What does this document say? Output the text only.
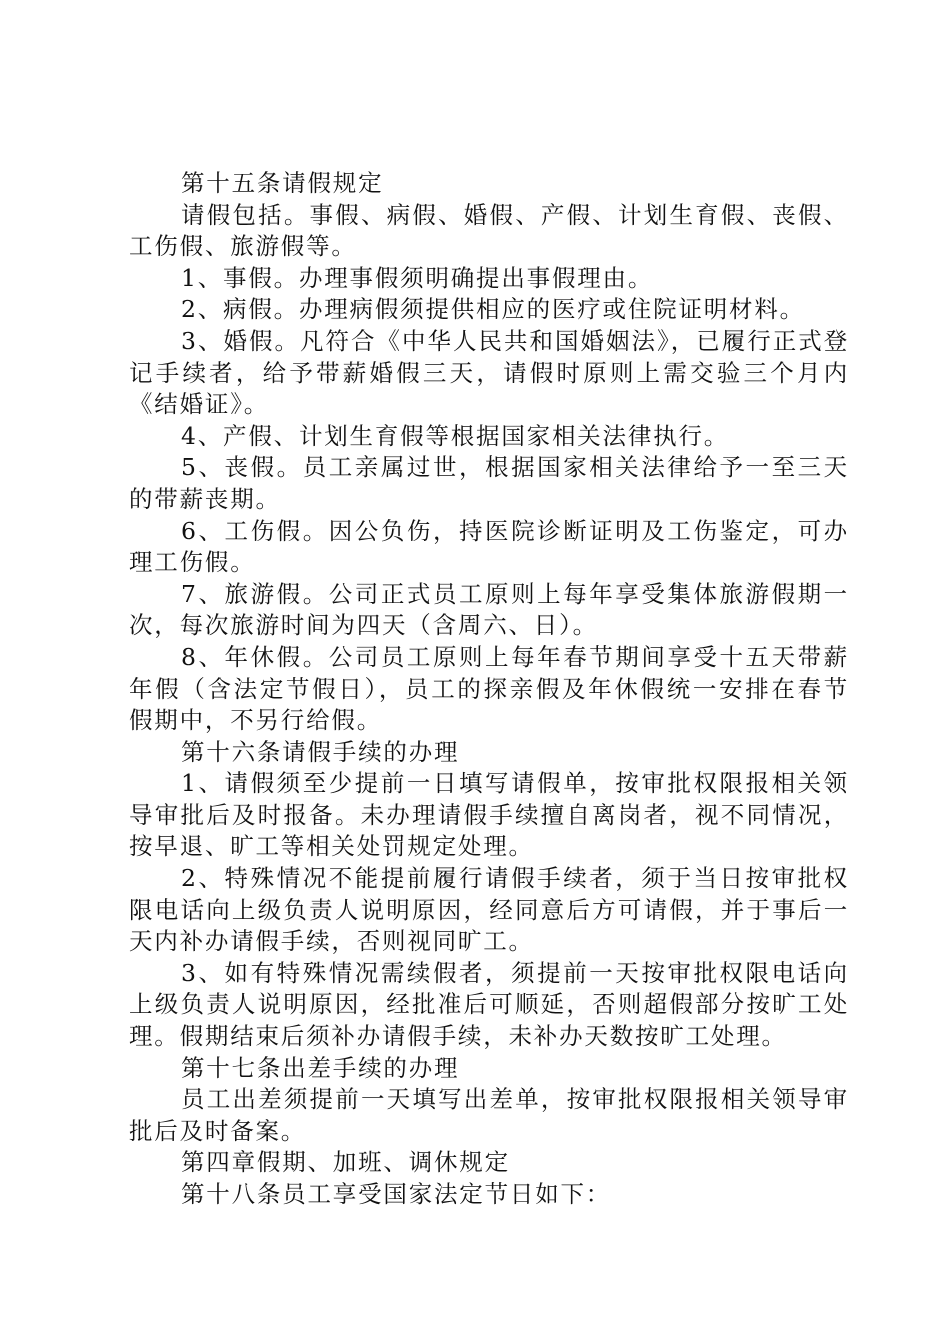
第十五条请假规定

请假包括。事假、病假、婚假、产假、计划生育假、丧假、工伤假、旅游假等。

1、事假。办理事假须明确提出事假理由。

2、病假。办理病假须提供相应的医疗或住院证明材料。

3、婚假。凡符合《中华人民共和国婚姻法》，已履行正式登记手续者，给予带薪婚假三天，请假时原则上需交验三个月内《结婚证》。

4、产假、计划生育假等根据国家相关法律执行。

5、丧假。员工亲属过世，根据国家相关法律给予一至三天的带薪丧期。

6、工伤假。因公负伤，持医院诊断证明及工伤鉴定，可办理工伤假。

7、旅游假。公司正式员工原则上每年享受集体旅游假期一次，每次旅游时间为四天（含周六、日）。

8、年休假。公司员工原则上每年春节期间享受十五天带薪年假（含法定节假日），员工的探亲假及年休假统一安排在春节假期中，不另行给假。

第十六条请假手续的办理

1、请假须至少提前一日填写请假单，按审批权限报相关领导审批后及时报备。未办理请假手续擅自离岗者，视不同情况，按早退、旷工等相关处罚规定处理。

2、特殊情况不能提前履行请假手续者，须于当日按审批权限电话向上级负责人说明原因，经同意后方可请假，并于事后一天内补办请假手续，否则视同旷工。

3、如有特殊情况需续假者，须提前一天按审批权限电话向上级负责人说明原因，经批准后可顺延，否则超假部分按旷工处理。假期结束后须补办请假手续，未补办天数按旷工处理。

第十七条出差手续的办理

员工出差须提前一天填写出差单，按审批权限报相关领导审批后及时备案。

第四章假期、加班、调休规定

第十八条员工享受国家法定节日如下：
